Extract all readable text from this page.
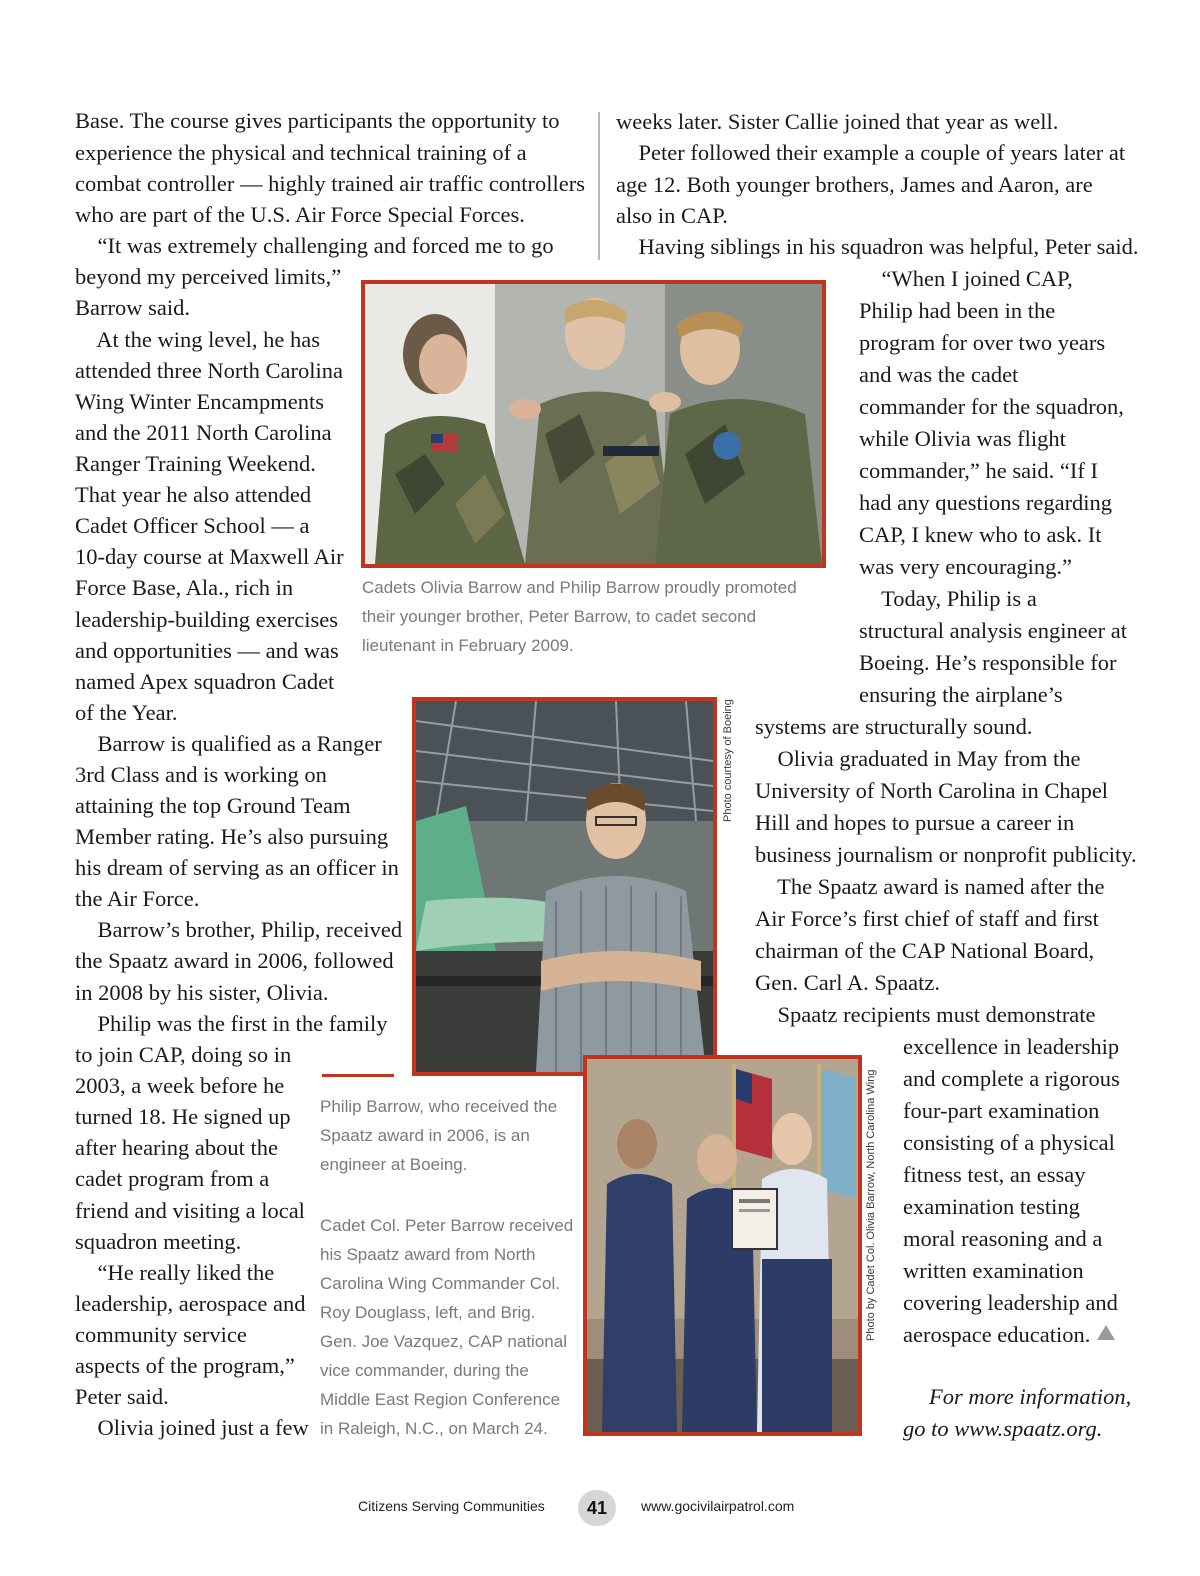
Base. The course gives participants the opportunity to
experience the physical and technical training of a
combat controller — highly trained air traffic controllers
who are part of the U.S. Air Force Special Forces.
“It was extremely challenging and forced me to go
beyond my perceived limits,”
Barrow said.
At the wing level, he has
attended three North Carolina
Wing Winter Encampments
and the 2011 North Carolina
Ranger Training Weekend.
That year he also attended
Cadet Officer School — a
10-day course at Maxwell Air
Force Base, Ala., rich in
leadership-building exercises
and opportunities — and was
named Apex squadron Cadet
of the Year.
Barrow is qualified as a Ranger
3rd Class and is working on
attaining the top Ground Team
Member rating. He’s also pursuing
his dream of serving as an officer in
the Air Force.
Barrow’s brother, Philip, received
the Spaatz award in 2006, followed
in 2008 by his sister, Olivia.
Philip was the first in the family
to join CAP, doing so in
2003, a week before he
turned 18. He signed up
after hearing about the
cadet program from a
friend and visiting a local
squadron meeting.
“He really liked the
leadership, aerospace and
community service
aspects of the program,”
Peter said.
Olivia joined just a few
weeks later. Sister Callie joined that year as well.
Peter followed their example a couple of years later at
age 12. Both younger brothers, James and Aaron, are
also in CAP.
Having siblings in his squadron was helpful, Peter said.
“When I joined CAP,
Philip had been in the
program for over two years
and was the cadet
commander for the squadron,
while Olivia was flight
commander,” he said. “If I
had any questions regarding
CAP, I knew who to ask. It
was very encouraging.”
Today, Philip is a
structural analysis engineer at
Boeing. He’s responsible for
ensuring the airplane’s
systems are structurally sound.
Olivia graduated in May from the
University of North Carolina in Chapel
Hill and hopes to pursue a career in
business journalism or nonprofit publicity.
The Spaatz award is named after the
Air Force’s first chief of staff and first
chairman of the CAP National Board,
Gen. Carl A. Spaatz.
Spaatz recipients must demonstrate
excellence in leadership
and complete a rigorous
four-part examination
consisting of a physical
fitness test, an essay
examination testing
moral reasoning and a
written examination
covering leadership and
aerospace education.
For more information,
go to www.spaatz.org.
Cadets Olivia Barrow and Philip Barrow proudly promoted
their younger brother, Peter Barrow, to cadet second
lieutenant in February 2009.
Photo courtesy of Boeing
Philip Barrow, who received the
Spaatz award in 2006, is an
engineer at Boeing.	Photo by Cadet Col. Olivia Barrow, North Carolina Wing
Cadet Col. Peter Barrow received
his Spaatz award from North
Carolina Wing Commander Col.
Roy Douglass, left, and Brig.
Gen. Joe Vazquez, CAP national
vice commander, during the
Middle East Region Conference
in Raleigh, N.C., on March 24.
Citizens Serving Communities	41	www.gocivilairpatrol.com
